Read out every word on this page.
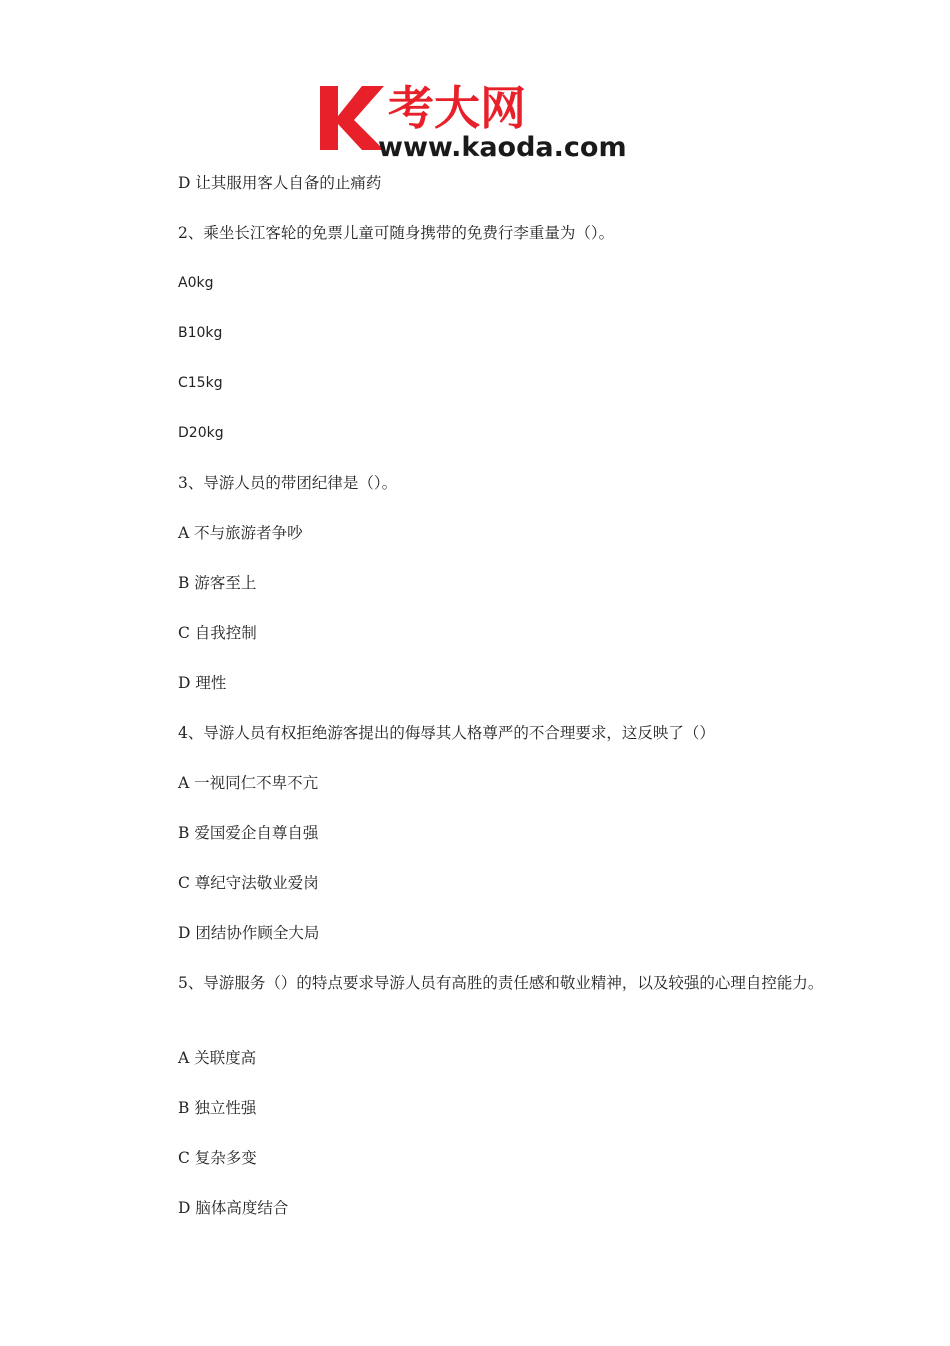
考大网
www.kaoda.com
D 让其服用客人自备的止痛药
2、乘坐长江客轮的免票儿童可随身携带的免费行李重量为（）。
A0kg
B10kg
C15kg
D20kg
3、导游人员的带团纪律是（）。
A 不与旅游者争吵
B 游客至上
C 自我控制
D 理性
4、导游人员有权拒绝游客提出的侮辱其人格尊严的不合理要求，这反映了（）
A 一视同仁不卑不亢
B 爱国爱企自尊自强
C 尊纪守法敬业爱岗
D 团结协作顾全大局
5、导游服务（）的特点要求导游人员有高胜的责任感和敬业精神，以及较强的心理自控能力。
A 关联度高
B 独立性强
C 复杂多变
D 脑体高度结合
